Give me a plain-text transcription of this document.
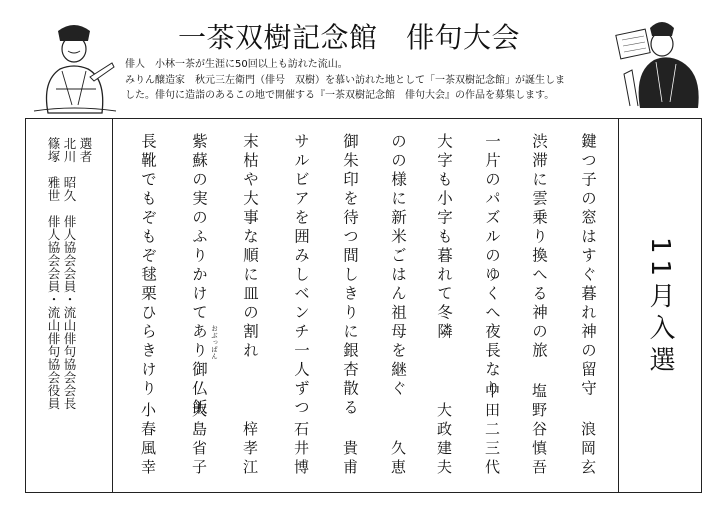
一茶双樹記念館　俳句大会
俳人　小林一茶が生涯に50回以上も訪れた流山。
みりん醸造家　秋元三左衛門（俳号　双樹）を慕い訪れた地として「一茶双樹記念館」が誕生しま
した。俳句に造詣のあるこの地で開催する『一茶双樹記念館　俳句大会』の作品を募集します。
選者
北川　昭久　俳人協会会員・流山俳句協会会長
篠塚　雅世　俳人協会会員・流山俳句協会役員	長靴でもぞもぞ毬栗ひらきけり
小春風幸
紫蘇の実のふりかけてあり御仏飯 おぶっぱん
大島省子
末枯や大事な順に皿の割れ
梓孝江
サルビアを囲みしベンチ一人ずつ
石井博
御朱印を待つ間しきりに銀杏散る
貴甫
のの様に新米ごはん祖母を継ぐ
久恵
大字も小字も暮れて冬隣
大政建夫
一片のパズルのゆくへ夜長なり
中田二三代
渋滞に雲乗り換へる神の旅
塩野谷慎吾
鍵つ子の窓はすぐ暮れ神の留守
浪岡玄
11月入選
